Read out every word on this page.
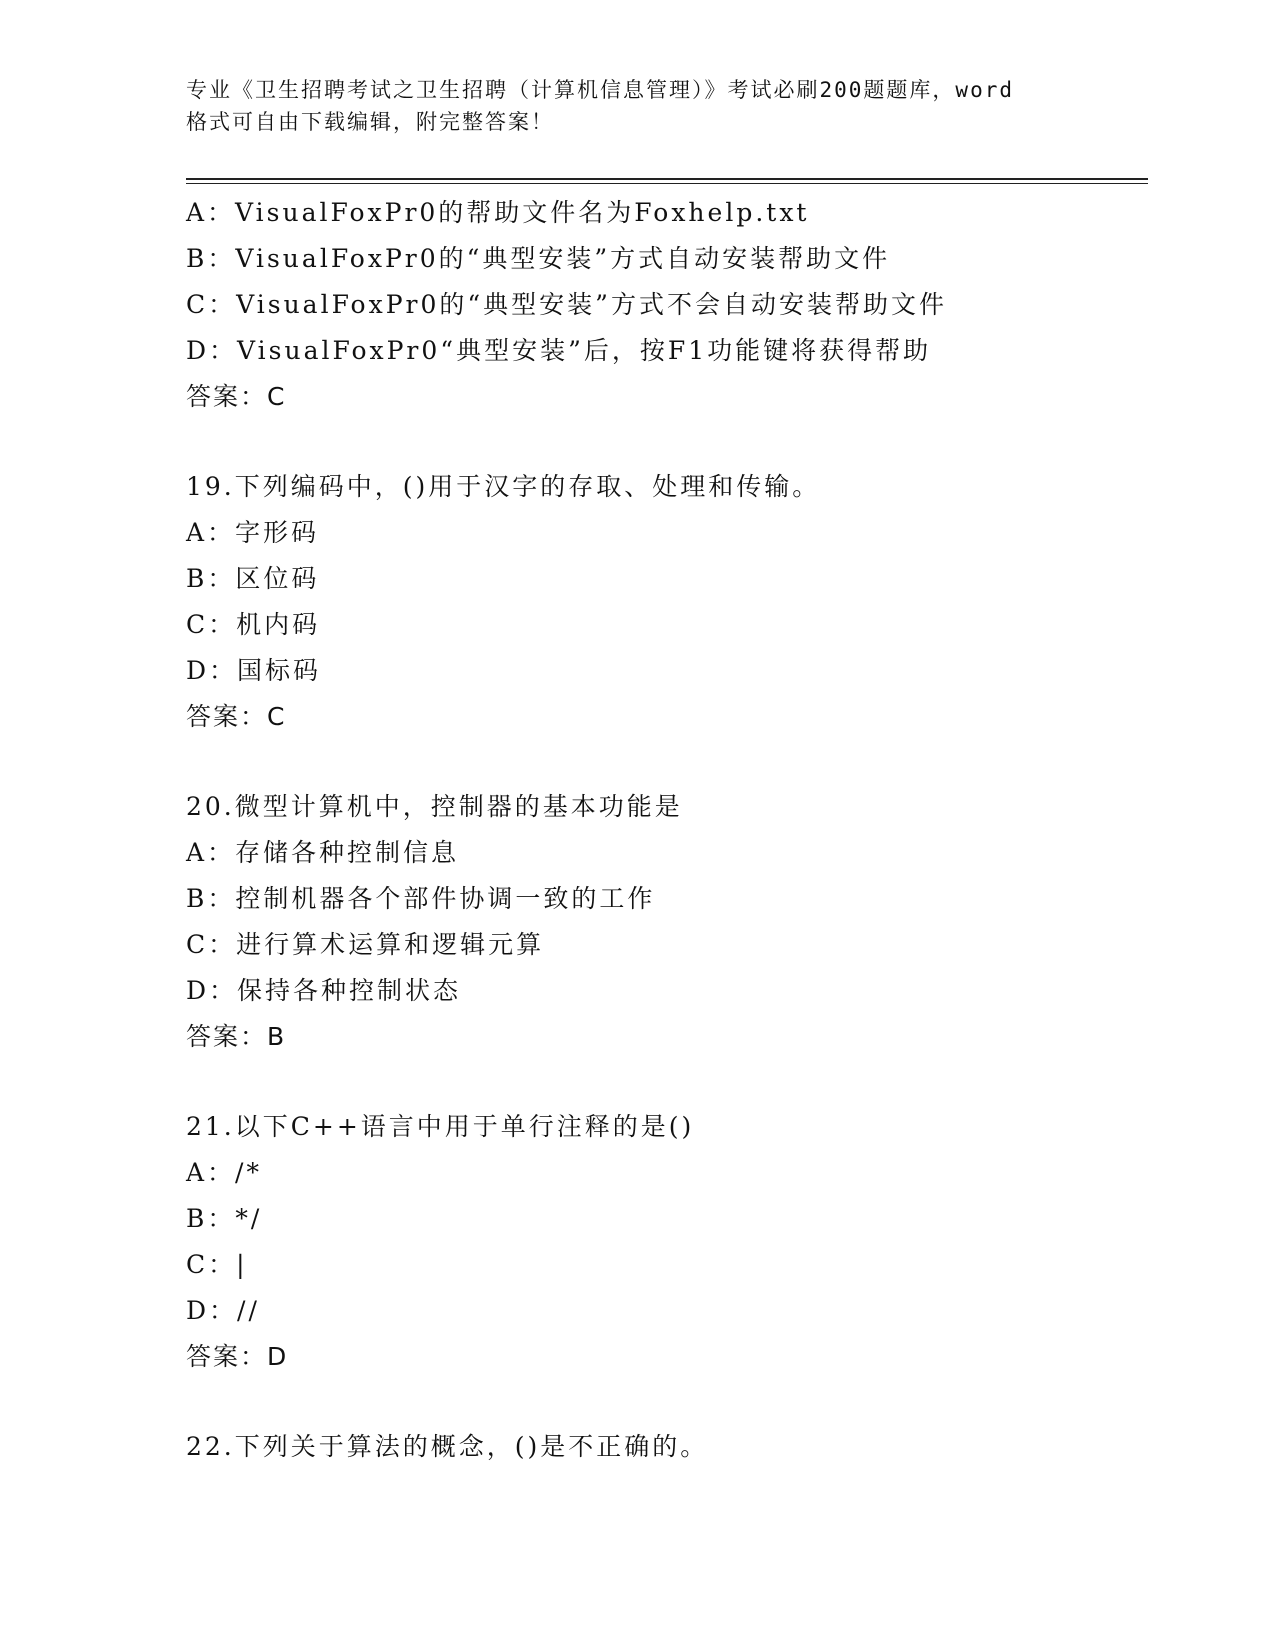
专业《卫生招聘考试之卫生招聘（计算机信息管理）》考试必刷200题题库，word
格式可自由下载编辑，附完整答案！
A：VisualFoxPr0的帮助文件名为Foxhelp.txt
B：VisualFoxPr0的“典型安装”方式自动安装帮助文件
C：VisualFoxPr0的“典型安装”方式不会自动安装帮助文件
D：VisualFoxPr0“典型安装”后，按F1功能键将获得帮助
答案：C
19.下列编码中，()用于汉字的存取、处理和传输。
A：字形码
B：区位码
C：机内码
D：国标码
答案：C
20.微型计算机中，控制器的基本功能是
A：存储各种控制信息
B：控制机器各个部件协调一致的工作
C：进行算术运算和逻辑元算
D：保持各种控制状态
答案：B
21.以下C++语言中用于单行注释的是()
A：/*
B：*/
C：|
D：//
答案：D
22.下列关于算法的概念，()是不正确的。
